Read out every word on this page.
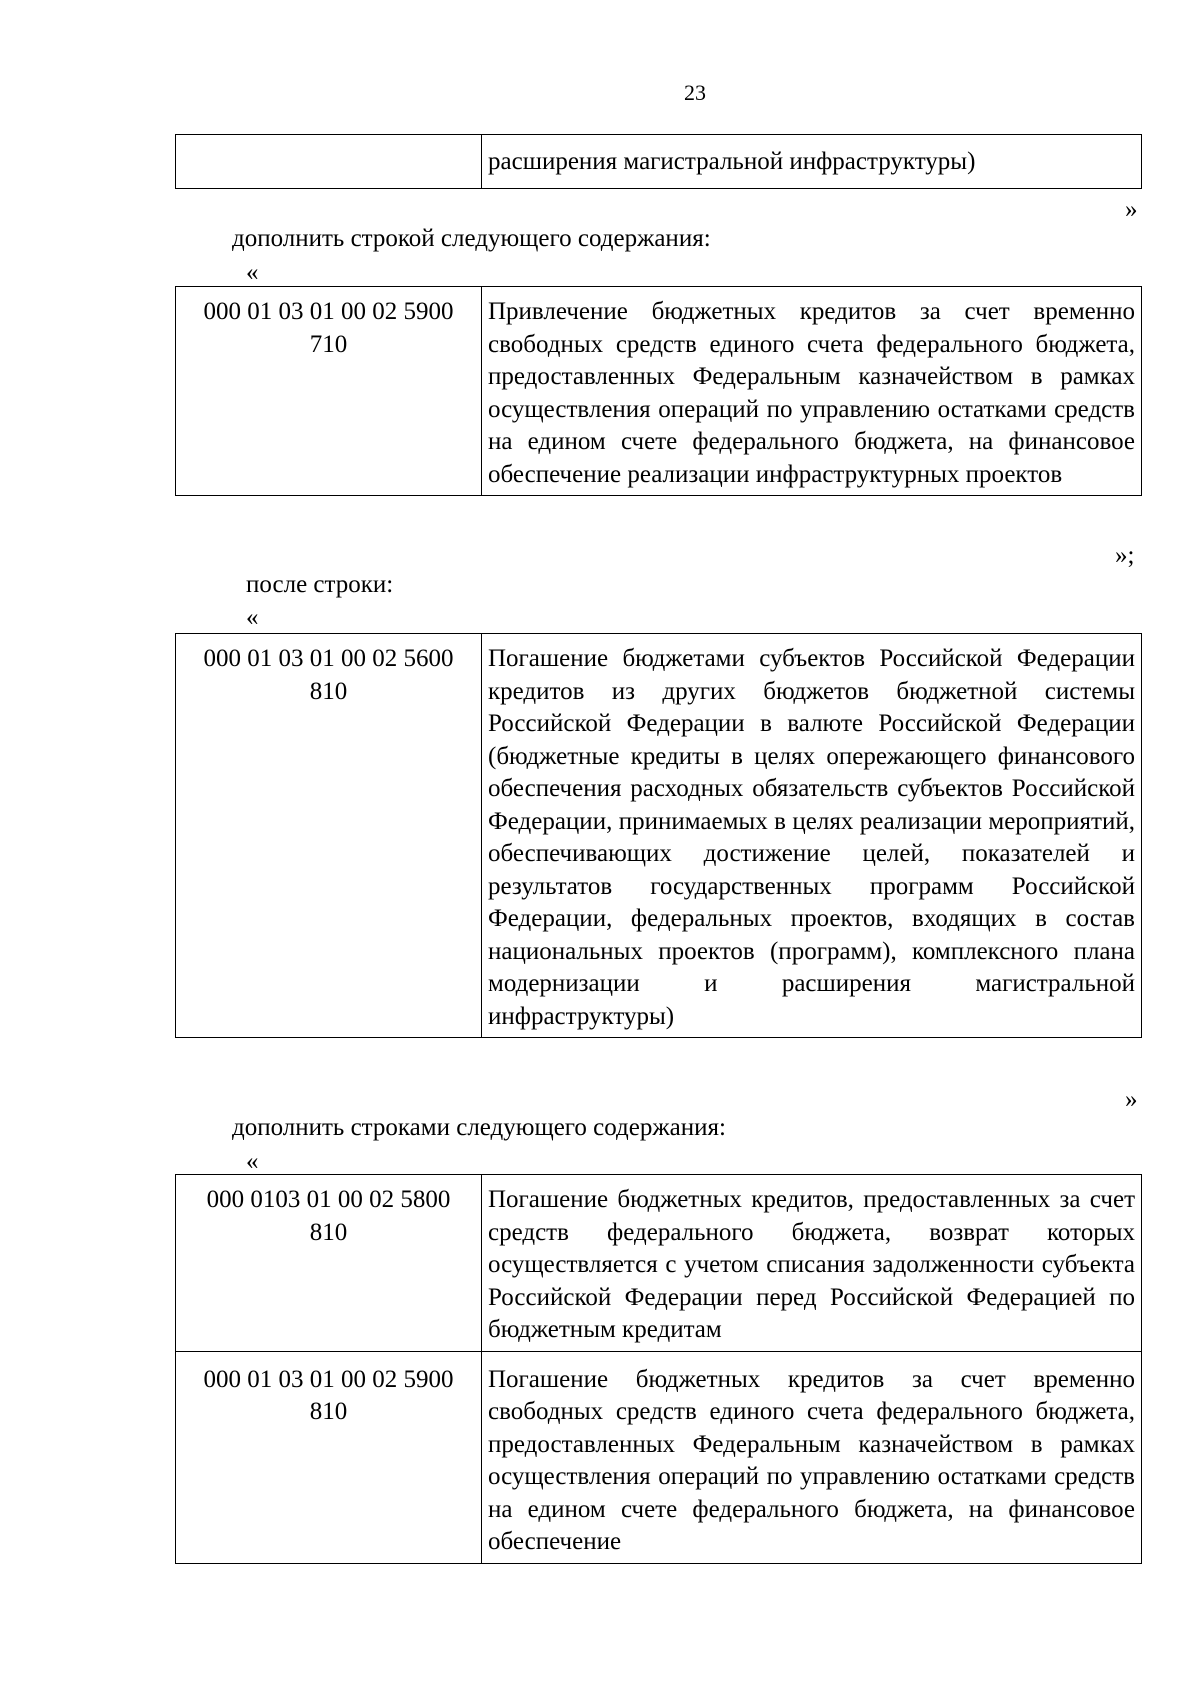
23
	расширения магистральной инфраструктуры)
»
дополнить строкой следующего содержания:
«
000 01 03 01 00 02 5900
710
	Привлечение бюджетных кредитов за счет временно свободных средств единого счета федерального бюджета, предоставленных Федеральным казначейством в рамках осуществления операций по управлению остатками средств на едином счете федерального бюджета, на финансовое обеспечение реализации инфраструктурных проектов
»;
после строки:
«
000 01 03 01 00 02 5600
810
	Погашение бюджетами субъектов Российской Федерации кредитов из других бюджетов бюджетной системы Российской Федерации в валюте Российской Федерации (бюджетные кредиты в целях опережающего финансового обеспечения расходных обязательств субъектов Российской Федерации, принимаемых в целях реализации мероприятий, обеспечивающих достижение целей, показателей и результатов государственных программ Российской Федерации, федеральных проектов, входящих в состав национальных проектов (программ), комплексного плана модернизации и расширения магистральной инфраструктуры)
»
дополнить строками следующего содержания:
«
000 0103 01 00 02 5800
810	Погашение бюджетных кредитов, предоставленных за счет средств федерального бюджета, возврат которых осуществляется с учетом списания задолженности субъекта Российской Федерации перед Российской Федерацией по бюджетным кредитам

000 01 03 01 00 02 5900
810	Погашение бюджетных кредитов за счет временно свободных средств единого счета федерального бюджета, предоставленных Федеральным казначейством в рамках осуществления операций по управлению остатками средств на едином счете федерального бюджета, на финансовое обеспечение
